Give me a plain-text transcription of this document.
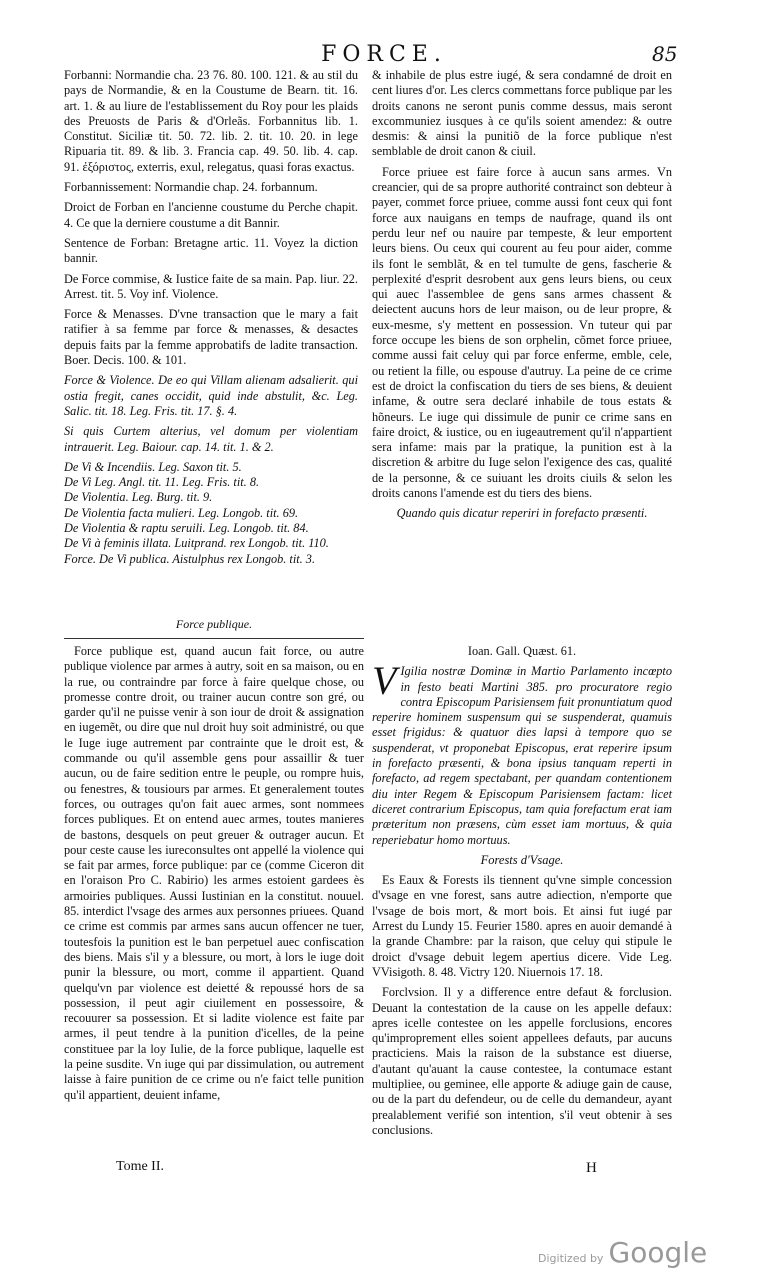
FORCE.	85

Forbanni: Normandie cha. 23 76. 80. 100. 121. & au stil du pays de Normandie, & en la Coustume de Bearn. tit. 16. art. 1. & au liure de l'establissement du Roy pour les plaids des Preuosts de Paris & d'Orleãs. Forbannitus lib. 1. Constitut. Siciliæ tit. 50. 72. lib. 2. tit. 10. 20. in lege Ripuaria tit. 89. & lib. 3. Francia cap. 49. 50. lib. 4. cap. 91. ἐξόριστος, exterris, exul, relegatus, quasi foras exactus.

Forbannissement: Normandie chap. 24. forbannum.

Droict de Forban en l'ancienne coustume du Perche chapit. 4. Ce que la derniere coustume a dit Bannir.

Sentence de Forban: Bretagne artic. 11. Voyez la diction bannir.

De Force commise, & Iustice faite de sa main. Pap. liur. 22. Arrest. tit. 5. Voy inf. Violence.

Force & Menasses. D'vne transaction que le mary a fait ratifier à sa femme par force & menasses, & desactes depuis faits par la femme approbatifs de ladite transaction. Boer. Decis. 100. & 101.

Force & Violence. De eo qui Villam alienam adsalierit. qui ostia fregit, canes occidit, quid inde abstulit, &c. Leg. Salic. tit. 18. Leg. Fris. tit. 17. §. 4.

Si quis Curtem alterius, vel domum per violentiam intrauerit. Leg. Baiour. cap. 14. tit. 1. & 2.

De Vi & Incendiis. Leg. Saxon tit. 5.

De Vi Leg. Angl. tit. 11. Leg. Fris. tit. 8.

De Violentia. Leg. Burg. tit. 9.

De Violentia facta mulieri. Leg. Longob. tit. 69.

De Violentia & raptu seruili. Leg. Longob. tit. 84.

De Vi à feminis illata. Luitprand. rex Longob. tit. 110.

Force. De Vi publica. Aistulphus rex Longob. tit. 3.

Force publique.

Force publique est, quand aucun fait force, ou autre publique violence par armes à autry, soit en sa maison, ou en la rue, ou contraindre par force à faire quelque chose, ou promesse contre droit, ou trainer aucun contre son gré, ou garder qu'il ne puisse venir à son iour de droit & assignation en iugemẽt, ou dire que nul droit huy soit administré, ou que le Iuge iuge autrement par contrainte que le droit est, & commande ou qu'il assemble gens pour assaillir & tuer aucun, ou de faire sedition entre le peuple, ou rompre huis, ou fenestres, & tousiours par armes. Et generalement toutes forces, ou outrages qu'on fait auec armes, sont nommees forces publiques. Et on entend auec armes, toutes manieres de bastons, desquels on peut greuer & outrager aucun. Et pour ceste cause les iureconsultes ont appellé la violence qui se fait par armes, force publique: par ce (comme Ciceron dit en l'oraison Pro C. Rabirio) les armes estoient gardees ès armoiries publiques. Aussi Iustinian en la constitut. nouuel. 85. interdict l'vsage des armes aux personnes priuees. Quand ce crime est commis par armes sans aucun offencer ne tuer, toutesfois la punition est le ban perpetuel auec confiscation des biens. Mais s'il y a blessure, ou mort, à lors le iuge doit punir la blessure, ou mort, comme il appartient. Quand quelqu'vn par violence est deietté & repoussé hors de sa possession, il peut agir ciuilement en possessoire, & recouurer sa possession. Et si ladite violence est faite par armes, il peut tendre à la punition d'icelles, de la peine constituee par la loy Iulie, de la force publique, laquelle est la peine susdite. Vn iuge qui par dissimulation, ou autrement laisse à faire punition de ce crime ou n'e faict telle punition qu'il appartient, deuient infame,

& inhabile de plus estre iugé, & sera condamné de droit en cent liures d'or. Les clercs commettans force publique par les droits canons ne seront punis comme dessus, mais seront excommuniez iusques à ce qu'ils soient amendez: & outre desmis: & ainsi la punitiõ de la force publique n'est semblable de droit canon & ciuil.

Force priuee est faire force à aucun sans armes. Vn creancier, qui de sa propre authorité contrainct son debteur à payer, commet force priuee, comme aussi font ceux qui font force aux nauigans en temps de naufrage, quand ils ont perdu leur nef ou nauire par tempeste, & leur emportent leurs biens. Ou ceux qui courent au feu pour aider, comme ils font le semblãt, & en tel tumulte de gens, fascherie & perplexité d'esprit desrobent aux gens leurs biens, ou ceux qui auec l'assemblee de gens sans armes chassent & deiectent aucuns hors de leur maison, ou de leur propre, & eux-mesme, s'y mettent en possession. Vn tuteur qui par force occupe les biens de son orphelin, cõmet force priuee, comme aussi fait celuy qui par force enferme, emble, cele, ou retient la fille, ou espouse d'autruy. La peine de ce crime est de droict la confiscation du tiers de ses biens, & deuient infame, & outre sera declaré inhabile de tous estats & hõneurs. Le iuge qui dissimule de punir ce crime sans en faire droict, & iustice, ou en iugeautrement qu'il n'appartient sera infame: mais par la pratique, la punition est à la discretion & arbitre du Iuge selon l'exigence des cas, qualité de la personne, & ce suiuant les droits ciuils & selon les droits canons l'amende est du tiers des biens.

Quando quis dicatur reperiri in forefacto præsenti.

Ioan. Gall. Quæst. 61.

V Igilia nostræ Dominæ in Martio Parlamento incœpto in festo beati Martini 385. pro procuratore regio contra Episcopum Parisiensem fuit pronuntiatum quod reperire hominem suspensum qui se suspenderat, quamuis esset frigidus: & quatuor dies lapsi à tempore quo se suspenderat, vt proponebat Episcopus, erat reperire ipsum in forefacto præsenti, & bona ipsius tanquam reperti in forefacto, ad regem spectabant, per quandam contentionem diu inter Regem & Episcopum Parisiensem factam: licet diceret contrarium Episcopus, tam quia forefactum erat iam præteritum non præsens, cùm esset iam mortuus, & quia reperiebatur homo mortuus.

Forests d'Vsage.

Es Eaux & Forests ils tiennent qu'vne simple concession d'vsage en vne forest, sans autre adiection, n'emporte que l'vsage de bois mort, & mort bois. Et ainsi fut iugé par Arrest du Lundy 15. Feurier 1580. apres en auoir demandé à la grande Chambre: par la raison, que celuy qui stipule le droict d'vsage debuit legem apertius dicere. Vide Leg. VVisigoth. 8. 48. Victry 120. Niuernois 17. 18.

Forclvsion. Il y a difference entre defaut & forclusion. Deuant la contestation de la cause on les appelle defaux: apres icelle contestee on les appelle forclusions, encores qu'improprement elles soient appellees defauts, par aucuns practiciens. Mais la raison de la substance est diuerse, d'autant qu'auant la cause contestee, la contumace estant multipliee, ou geminee, elle apporte & adiuge gain de cause, ou de la part du defendeur, ou de celle du demandeur, ayant prealablement verifié son intention, s'il veut obtenir à ses conclusions.

Tome II.	H
Digitized by Google
